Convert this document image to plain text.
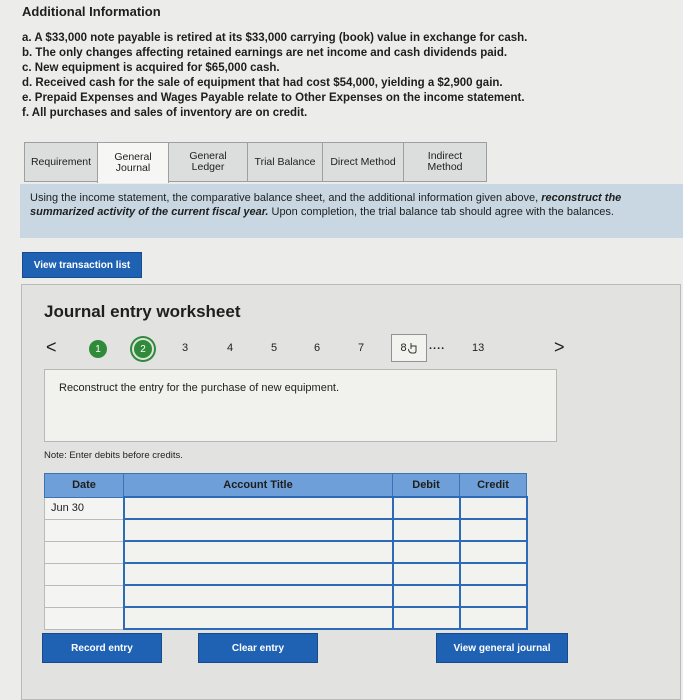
Additional Information
a. A $33,000 note payable is retired at its $33,000 carrying (book) value in exchange for cash.
b. The only changes affecting retained earnings are net income and cash dividends paid.
c. New equipment is acquired for $65,000 cash.
d. Received cash for the sale of equipment that had cost $54,000, yielding a $2,900 gain.
e. Prepaid Expenses and Wages Payable relate to Other Expenses on the income statement.
f. All purchases and sales of inventory are on credit.
Requirement	General
Journal
General
Ledger	Trial Balance	Direct Method	Indirect
Method
Using the income statement, the comparative balance sheet, and the additional information given above, reconstruct the summarized activity of the current fiscal year. Upon completion, the trial balance tab should agree with the balances.
View transaction list
Journal entry worksheet
<	1	2	3	4	5	6	7	8 .... 13	>
Reconstruct the entry for the purchase of new equipment.
Note: Enter debits before credits.
Date	Account Title	Debit	Credit
Jun 30			

Record entry	Clear entry	View general journal
